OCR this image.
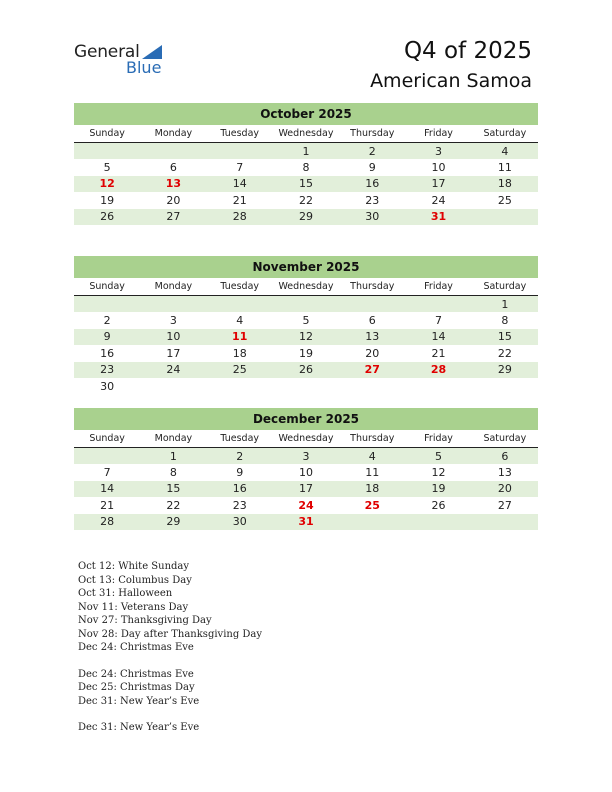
General
Blue
Q4 of 2025
American Samoa
October 2025
Sunday	Monday	Tuesday	Wednesday	Thursday	Friday	Saturday
			1	2	3	4
5	6	7	8	9	10	11
12	13	14	15	16	17	18
19	20	21	22	23	24	25
26	27	28	29	30	31	
November 2025
Sunday	Monday	Tuesday	Wednesday	Thursday	Friday	Saturday
						1
2	3	4	5	6	7	8
9	10	11	12	13	14	15
16	17	18	19	20	21	22
23	24	25	26	27	28	29
30						
December 2025
Sunday	Monday	Tuesday	Wednesday	Thursday	Friday	Saturday
	1	2	3	4	5	6
7	8	9	10	11	12	13
14	15	16	17	18	19	20
21	22	23	24	25	26	27
28	29	30	31			
Oct 12: White Sunday
Oct 13: Columbus Day
Oct 31: Halloween
Nov 11: Veterans Day
Nov 27: Thanksgiving Day
Nov 28: Day after Thanksgiving Day
Dec 24: Christmas Eve
Dec 24: Christmas Eve
Dec 25: Christmas Day
Dec 31: New Year’s Eve
Dec 31: New Year’s Eve
